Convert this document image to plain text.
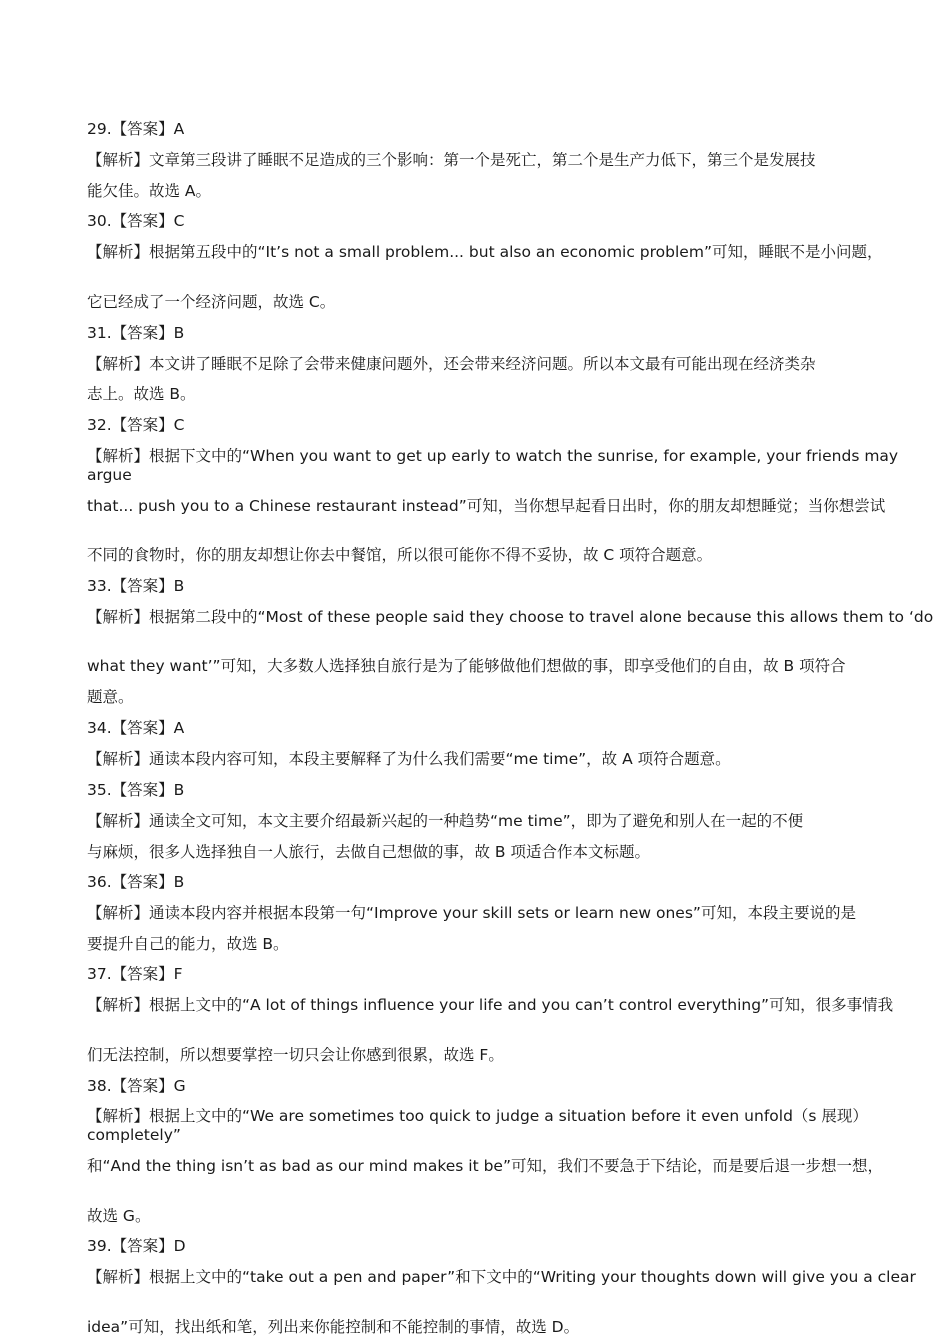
29.【答案】A
【解析】文章第三段讲了睡眠不足造成的三个影响：第一个是死亡，第二个是生产力低下，第三个是发展技
能欠佳。故选 A。
30.【答案】C
【解析】根据第五段中的“It’s not a small problem... but also an economic problem”可知，睡眠不是小问题，
它已经成了一个经济问题，故选 C。
31.【答案】B
【解析】本文讲了睡眠不足除了会带来健康问题外，还会带来经济问题。所以本文最有可能出现在经济类杂
志上。故选 B。
32.【答案】C
【解析】根据下文中的“When you want to get up early to watch the sunrise, for example, your friends may argue
that... push you to a Chinese restaurant instead”可知，当你想早起看日出时，你的朋友却想睡觉；当你想尝试
不同的食物时，你的朋友却想让你去中餐馆，所以很可能你不得不妥协，故 C 项符合题意。
33.【答案】B
【解析】根据第二段中的“Most of these people said they choose to travel alone because this allows them to ‘do
what they want’”可知，大多数人选择独自旅行是为了能够做他们想做的事，即享受他们的自由，故 B 项符合
题意。
34.【答案】A
【解析】通读本段内容可知，本段主要解释了为什么我们需要“me time”，故 A 项符合题意。
35.【答案】B
【解析】通读全文可知，本文主要介绍最新兴起的一种趋势“me time”，即为了避免和别人在一起的不便
与麻烦，很多人选择独自一人旅行，去做自己想做的事，故 B 项适合作本文标题。
36.【答案】B
【解析】通读本段内容并根据本段第一句“Improve your skill sets or learn new ones”可知，本段主要说的是
要提升自己的能力，故选 B。
37.【答案】F
【解析】根据上文中的“A lot of things influence your life and you can’t control everything”可知，很多事情我
们无法控制，所以想要掌控一切只会让你感到很累，故选 F。
38.【答案】G
【解析】根据上文中的“We are sometimes too quick to judge a situation before it even unfold（s 展现）completely”
和“And the thing isn’t as bad as our mind makes it be”可知，我们不要急于下结论，而是要后退一步想一想，
故选 G。
39.【答案】D
【解析】根据上文中的“take out a pen and paper”和下文中的“Writing your thoughts down will give you a clear
idea”可知，找出纸和笔，列出来你能控制和不能控制的事情，故选 D。
